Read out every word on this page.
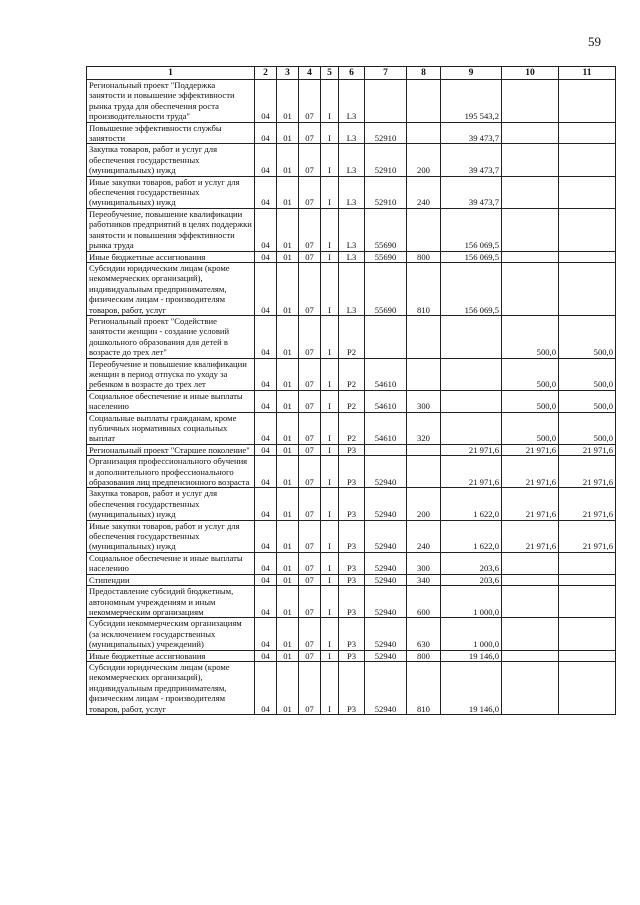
59
1	2	3	4	5	6	7	8	9	10	11
Региональный проект "Поддержка занятости и повышение эффективности рынка труда для обеспечения роста производительности труда"	04	01	07	I	L3			195 543,2		
Повышение эффективности службы занятости	04	01	07	I	L3	52910		39 473,7		
Закупка товаров, работ и услуг для обеспечения государственных (муниципальных) нужд	04	01	07	I	L3	52910	200	39 473,7		
Иные закупки товаров, работ и услуг для обеспечения государственных (муниципальных) нужд	04	01	07	I	L3	52910	240	39 473,7		
Переобучение, повышение квалификации работников предприятий в целях поддержки занятости и повышения эффективности рынка труда	04	01	07	I	L3	55690		156 069,5		
Иные бюджетные ассигнования	04	01	07	I	L3	55690	800	156 069,5		
Субсидии юридическим лицам (кроме некоммерческих организаций), индивидуальным предпринимателям, физическим лицам - производителям товаров, работ, услуг	04	01	07	I	L3	55690	810	156 069,5		
Региональный проект "Содействие занятости женщин - создание условий дошкольного образования для детей в возрасте до трех лет"	04	01	07	I	P2				500,0	500,0
Переобучение и повышение квалификации женщин в период отпуска по уходу за ребенком в возрасте до трех лет	04	01	07	I	P2	54610			500,0	500,0
Социальное обеспечение и иные выплаты населению	04	01	07	I	P2	54610	300		500,0	500,0
Социальные выплаты гражданам, кроме публичных нормативных социальных выплат	04	01	07	I	P2	54610	320		500,0	500,0
Региональный проект "Старшее поколение"	04	01	07	I	P3			21 971,6	21 971,6	21 971,6
Организация профессионального обучения и дополнительного профессионального образования лиц предпенсионного возраста	04	01	07	I	P3	52940		21 971,6	21 971,6	21 971,6
Закупка товаров, работ и услуг для обеспечения государственных (муниципальных) нужд	04	01	07	I	P3	52940	200	1 622,0	21 971,6	21 971,6
Иные закупки товаров, работ и услуг для обеспечения государственных (муниципальных) нужд	04	01	07	I	P3	52940	240	1 622,0	21 971,6	21 971,6
Социальное обеспечение и иные выплаты населению	04	01	07	I	P3	52940	300	203,6		
Стипендии	04	01	07	I	P3	52940	340	203,6		
Предоставление субсидий бюджетным, автономным учреждениям и иным некоммерческим организациям	04	01	07	I	P3	52940	600	1 000,0		
Субсидии некоммерческим организациям (за исключением государственных (муниципальных) учреждений)	04	01	07	I	P3	52940	630	1 000,0		
Иные бюджетные ассигнования	04	01	07	I	P3	52940	800	19 146,0		
Субсидии юридическим лицам (кроме некоммерческих организаций), индивидуальным предпринимателям, физическим лицам - производителям товаров, работ, услуг	04	01	07	I	P3	52940	810	19 146,0		
